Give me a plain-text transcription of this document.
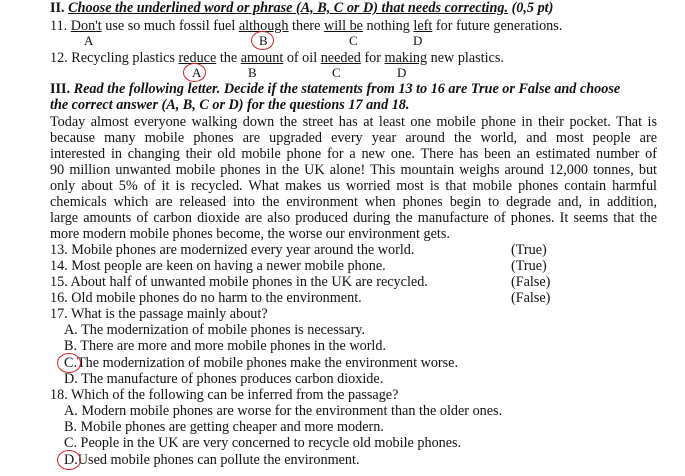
II. Choose the underlined word or phrase (A, B, C or D) that needs correcting. (0,5 pt)
11. Don't use so much fossil fuel although there will be nothing left for future generations.
A	B	C	D
12. Recycling plastics reduce the amount of oil needed for making new plastics.
A	B	C	D
III. Read the following letter. Decide if the statements from 13 to 16 are True or False and choose
the correct answer (A, B, C or D) for the questions 17 and 18.
Today almost everyone walking down the street has at least one mobile phone in their pocket. That is
because many mobile phones are upgraded every year around the world, and most people are
interested in changing their old mobile phone for a new one. There has been an estimated number of
90 million unwanted mobile phones in the UK alone! This mountain weighs around 12,000 tonnes, but
only about 5% of it is recycled. What makes us worried most is that mobile phones contain harmful
chemicals which are released into the environment when phones begin to degrade and, in addition,
large amounts of carbon dioxide are also produced during the manufacture of phones. It seems that the
more modern mobile phones become, the worse our environment gets.
13. Mobile phones are modernized every year around the world.	(True)
14. Most people are keen on having a newer mobile phone.	(True)
15. About half of unwanted mobile phones in the UK are recycled.	(False)
16. Old mobile phones do no harm to the environment.	(False)
17. What is the passage mainly about?
A. The modernization of mobile phones is necessary.
B. There are more and more mobile phones in the world.
C.The modernization of mobile phones make the environment worse.
D. The manufacture of phones produces carbon dioxide.
18. Which of the following can be inferred from the passage?
A. Modern mobile phones are worse for the environment than the older ones.
B. Mobile phones are getting cheaper and more modern.
C. People in the UK are very concerned to recycle old mobile phones.
D.Used mobile phones can pollute the environment.
